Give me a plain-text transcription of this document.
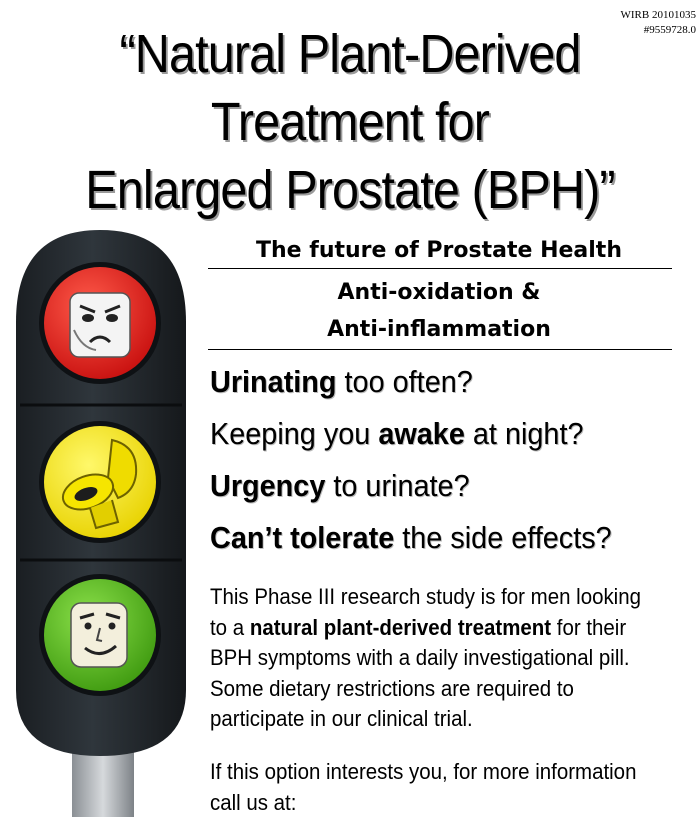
WIRB 20101035
#9559728.0
“Natural Plant-Derived
Treatment for
Enlarged Prostate (BPH)”
The future of Prostate Health
Anti-oxidation &
Anti-inflammation
Urinating too often?
Keeping you awake at night?
Urgency to urinate?
Can’t tolerate the side effects?
This Phase III research study is for men looking to a natural plant-derived treatment for their BPH symptoms with a daily investigational pill. Some dietary restrictions are required to participate in our clinical trial.
If this option interests you, for more information call us at:
